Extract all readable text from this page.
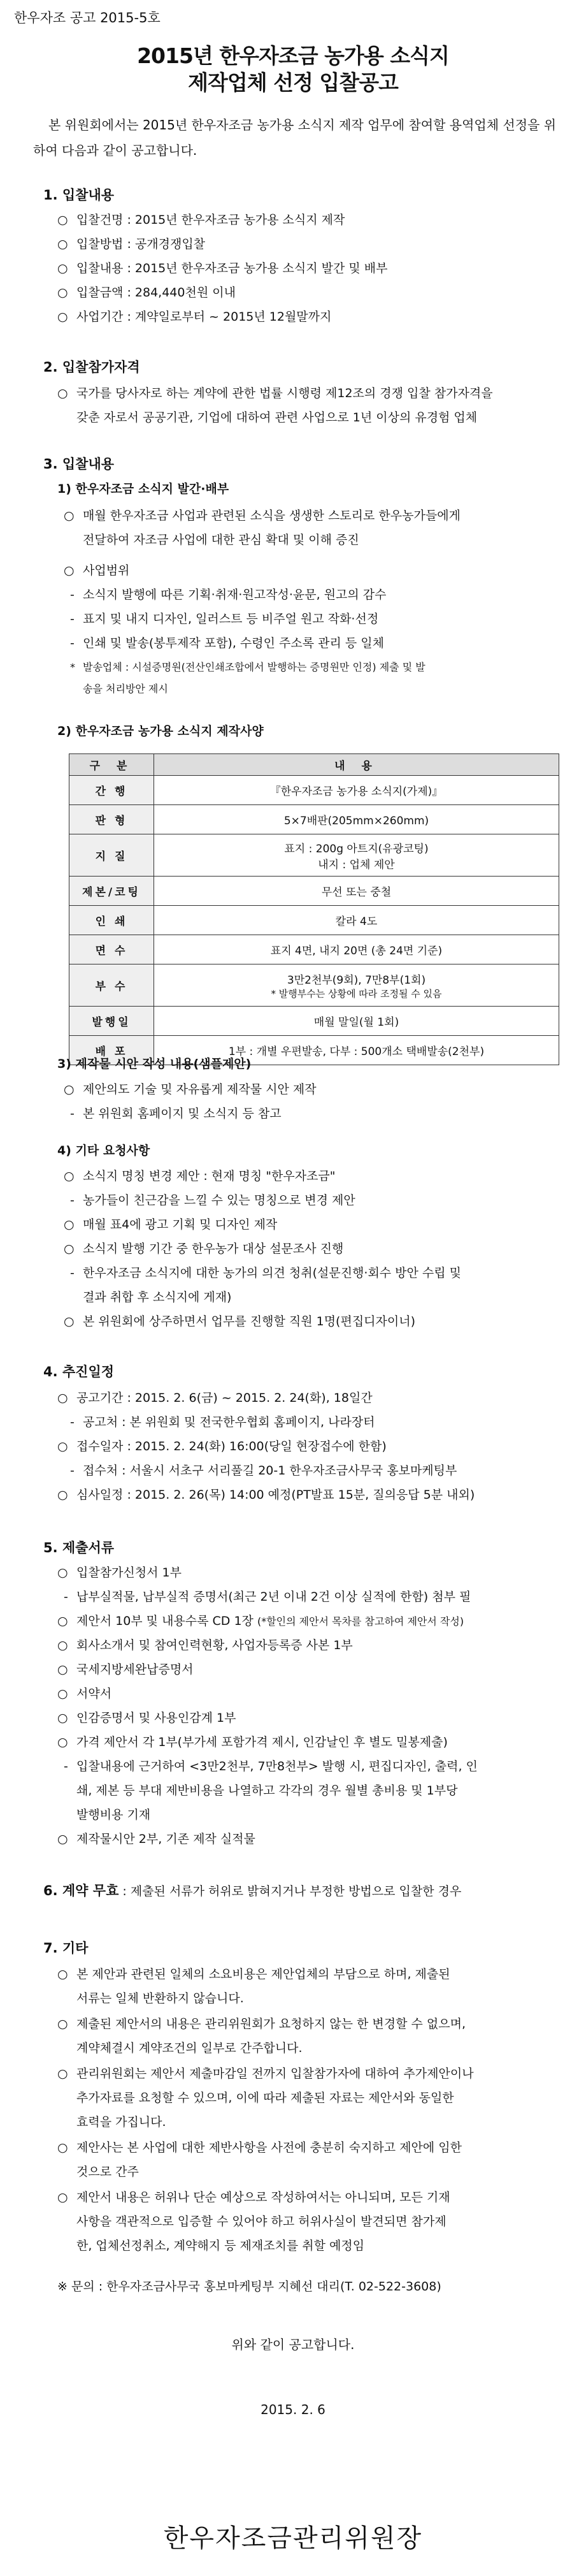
한우자조 공고 2015-5호
2015년 한우자조금 농가용 소식지
제작업체 선정 입찰공고
본 위원회에서는 2015년 한우자조금 농가용 소식지 제작 업무에 참여할 용역업체 선정을 위하여 다음과 같이 공고합니다.
1. 입찰내용
○ 입찰건명 : 2015년 한우자조금 농가용 소식지 제작
○ 입찰방법 : 공개경쟁입찰
○ 입찰내용 : 2015년 한우자조금 농가용 소식지 발간 및 배부
○ 입찰금액 : 284,440천원 이내
○ 사업기간 : 계약일로부터 ~ 2015년 12월말까지
2. 입찰참가자격
○ 국가를 당사자로 하는 계약에 관한 법률 시행령 제12조의 경쟁 입찰 참가자격을
갖춘 자로서 공공기관, 기업에 대하여 관련 사업으로 1년 이상의 유경험 업체
3. 입찰내용
1) 한우자조금 소식지 발간·배부
○ 매월 한우자조금 사업과 관련된 소식을 생생한 스토리로 한우농가들에게
전달하여 자조금 사업에 대한 관심 확대 및 이해 증진
○ 사업범위
- 소식지 발행에 따른 기획·취재·원고작성·윤문, 원고의 감수
- 표지 및 내지 디자인, 일러스트 등 비주얼 원고 작화·선정
- 인쇄 및 발송(봉투제작 포함), 수령인 주소록 관리 등 일체
* 발송업체 : 시설증명원(전산인쇄조합에서 발행하는 증명원만 인정) 제출 및 발
송을 처리방안 제시
2) 한우자조금 농가용 소식지 제작사양
구 분	내 용
간 행	『한우자조금 농가용 소식지(가제)』
판 형	5×7배판(205mm×260mm)
지 질	표지 : 200g 아트지(유광코팅)
내지 : 업체 제안

제본/코팅	무선 또는 중철
인 쇄	칼라 4도
면 수	표지 4면, 내지 20면 (총 24면 기준)
부 수	3만2천부(9회), 7만8부(1회)
* 발행부수는 상황에 따라 조정될 수 있음

발행일	매월 말일(월 1회)
배 포	1부 : 개별 우편발송, 다부 : 500개소 택배발송(2천부)
3) 제작물 시안 작성 내용(샘플제안)
○ 제안의도 기술 및 자유롭게 제작물 시안 제작
- 본 위원회 홈페이지 및 소식지 등 참고
4) 기타 요청사항
○ 소식지 명칭 변경 제안 : 현재 명칭 "한우자조금"
- 농가들이 친근감을 느낄 수 있는 명칭으로 변경 제안
○ 매월 표4에 광고 기획 및 디자인 제작
○ 소식지 발행 기간 중 한우농가 대상 설문조사 진행
- 한우자조금 소식지에 대한 농가의 의견 청취(설문진행·회수 방안 수립 및
결과 취합 후 소식지에 게재)
○ 본 위원회에 상주하면서 업무를 진행할 직원 1명(편집디자이너)
4. 추진일정
○ 공고기간 : 2015. 2. 6(금) ~ 2015. 2. 24(화), 18일간
- 공고처 : 본 위원회 및 전국한우협회 홈페이지, 나라장터
○ 접수일자 : 2015. 2. 24(화) 16:00(당일 현장접수에 한함)
- 접수처 : 서울시 서초구 서리풀길 20-1 한우자조금사무국 홍보마케팅부
○ 심사일정 : 2015. 2. 26(목) 14:00 예정(PT발표 15분, 질의응답 5분 내외)
5. 제출서류
○ 입찰참가신청서 1부
- 납부실적물, 납부실적 증명서(최근 2년 이내 2건 이상 실적에 한함) 첨부 필
○ 제안서 10부 및 내용수록 CD 1장 (*할인의 제안서 목차를 참고하여 제안서 작성)
○ 회사소개서 및 참여인력현황, 사업자등록증 사본 1부
○ 국세지방세완납증명서
○ 서약서
○ 인감증명서 및 사용인감계 1부
○ 가격 제안서 각 1부(부가세 포함가격 제시, 인감날인 후 별도 밀봉제출)
- 입찰내용에 근거하여 <3만2천부, 7만8천부> 발행 시, 편집디자인, 출력, 인
쇄, 제본 등 부대 제반비용을 나열하고 각각의 경우 월별 총비용 및 1부당
발행비용 기재
○ 제작물시안 2부, 기존 제작 실적물
6. 계약 무효 : 제출된 서류가 허위로 밝혀지거나 부정한 방법으로 입찰한 경우
7. 기타
○ 본 제안과 관련된 일체의 소요비용은 제안업체의 부담으로 하며, 제출된
서류는 일체 반환하지 않습니다.
○ 제출된 제안서의 내용은 관리위원회가 요청하지 않는 한 변경할 수 없으며,
계약체결시 계약조건의 일부로 간주합니다.
○ 관리위원회는 제안서 제출마감일 전까지 입찰참가자에 대하여 추가제안이나
추가자료를 요청할 수 있으며, 이에 따라 제출된 자료는 제안서와 동일한
효력을 가집니다.
○ 제안사는 본 사업에 대한 제반사항을 사전에 충분히 숙지하고 제안에 임한
것으로 간주
○ 제안서 내용은 허위나 단순 예상으로 작성하여서는 아니되며, 모든 기재
사항을 객관적으로 입증할 수 있어야 하고 허위사실이 발견되면 참가제
한, 업체선정취소, 계약해지 등 제재조치를 취할 예정임
※ 문의 : 한우자조금사무국 홍보마케팅부 지혜선 대리(T. 02-522-3608)
위와 같이 공고합니다.
2015. 2. 6
한우자조금관리위원장
